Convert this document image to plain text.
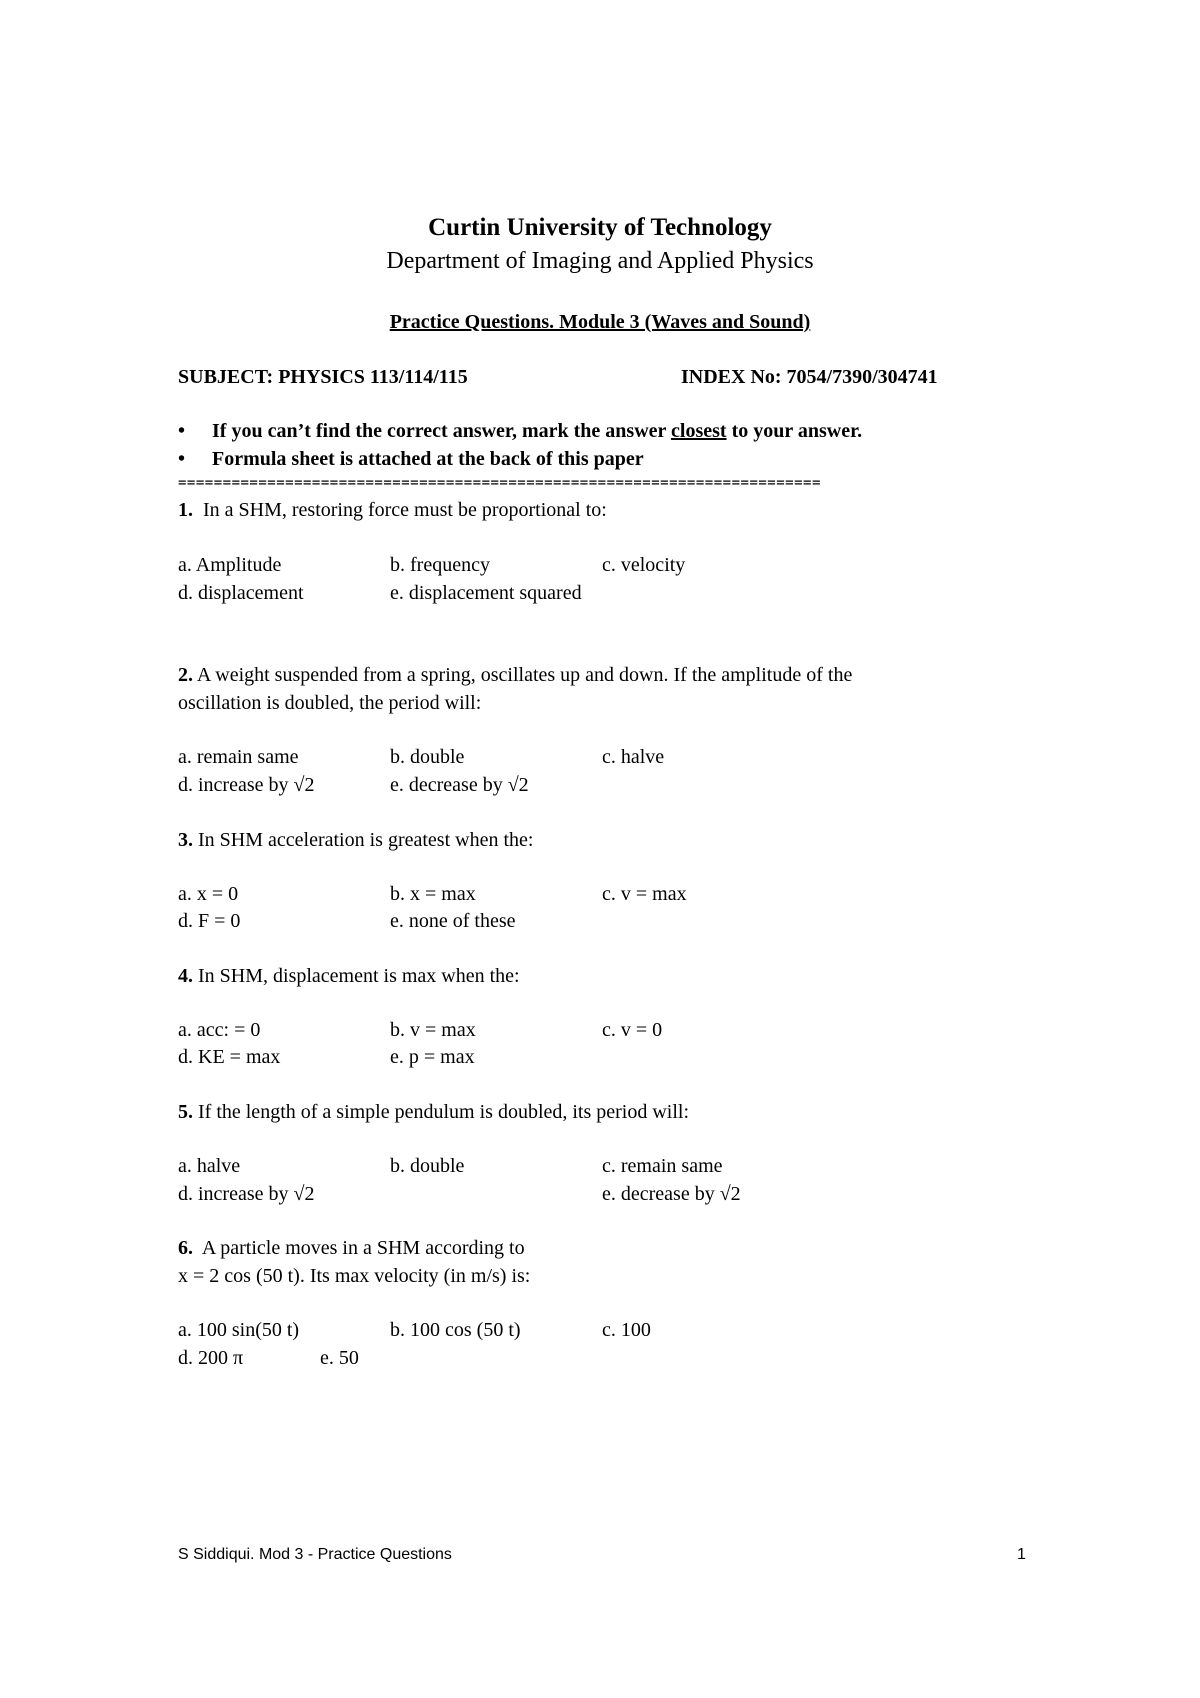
Curtin University of Technology
Department of Imaging and Applied Physics
Practice Questions. Module 3 (Waves and Sound)
SUBJECT: PHYSICS 113/114/115	INDEX No: 7054/7390/304741
• If you can’t find the correct answer, mark the answer closest to your answer.
• Formula sheet is attached at the back of this paper
========================================================================
1. In a SHM, restoring force must be proportional to:
a. Amplitude	b. frequency	c. velocity
d. displacement	e. displacement squared
2. A weight suspended from a spring, oscillates up and down. If the amplitude of the
oscillation is doubled, the period will:
a. remain same	b. double	c. halve
d. increase by √2	e. decrease by √2
3. In SHM acceleration is greatest when the:
a. x = 0	b. x = max	c. v = max
d. F = 0	e. none of these
4. In SHM, displacement is max when the:
a. acc: = 0	b. v = max	c. v = 0
d. KE = max	e. p = max
5. If the length of a simple pendulum is doubled, its period will:
a. halve	b. double	c. remain same
d. increase by √2	e. decrease by √2
6. A particle moves in a SHM according to
x = 2 cos (50 t). Its max velocity (in m/s) is:
a. 100 sin(50 t)	b. 100 cos (50 t)	c. 100
d. 200 π	e. 50
S Siddiqui. Mod 3 - Practice Questions	1
